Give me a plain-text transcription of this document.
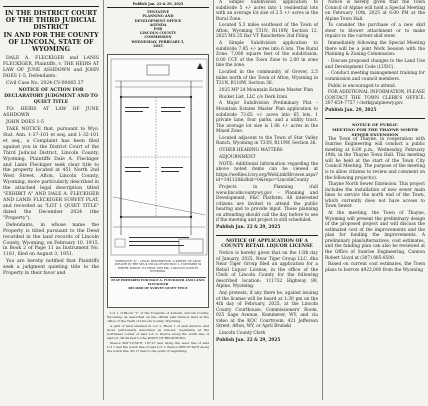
IN THE DISTRICT COURT
OF THE THIRD JUDICIAL
DISTRICT
IN AND FOR THE COUNTY
OF LINCOLN, STATE OF
WYOMING

DALE A. FLECKIGER and LANIS FLECKIGER, Plaintiffs, v. THE HEIRS AT LAW OF JUNE ASHDOWN and JOHN DOES 1-5, Defendants.

Civil Case No. 2024-CV-00065 37

NOTICE OF ACTION FOR DECLARATORY JUDGMENT AND TO QUIET TITLE

TO: HEIRS AT LAW OF JUNE ASHDOWN

JOHN DOES 1-5

TAKE NOTICE that, pursuant to Wyo. Stat. Ann. 1-37-101 et seq. and 1-32-101 et seq., a Complaint has been filed against you in the District Court of the Third Judicial District, Lincoln County, Wyoming. Plaintiffs Dale A. Fleckiger and Lanis Fleckiger seek clear title to the property located at 451 North 2nd West Street, Afton, Lincoln County, Wyoming, more particularly described in the attached legal description titled "EXHIBIT A" AND DALE A. FLECKIGER AND LANIS FLECKIGER SURVEY PLAT, and recorded as "LOT 1 QUIET TITLE" dated the December 2024 (the "Property").

Defendants, in whose name the Property is titled pursuant to the Deed recorded in the land records of Lincoln County, Wyoming, on February 10, 1915, in Book 2 of Page 11 as Instrument No. 1181, filed on August 3, 1951.

You are hereby notified that Plaintiffs seek a judgment quieting title to the Property in their favor and

Publish Jan. 22 & 29, 2025
TENTATIVE
PLANNING AND
DEVELOPMENT OFFICE
AGENDA
FOR
LINCOLN COUNTY
COMMISSION
WEDNESDAY, FEBRUARY 5,
2025
SCHEDULE "A" -- LEGAL DESCRIPTION. A PARCEL OF LAND SITUATE IN THE SE1/4 NW1/4 OF SECTION 1, TOWNSHIP 32 NORTH, RANGE 119 WEST, 6TH P.M., LINCOLN COUNTY, WYOMING.
PLAT PREPARED FOR DALE A. FLECKIGER AND LANIS FLECKIGER
RECORD OF SURVEY QUIET TITLE

Lot 1 of Block "1" of the Townsite of Auburn, Lincoln County, Wyoming, as described on the official plat thereof, filed in the office of the Clerk of Lincoln County, Wyoming.

A part of land situated in Lot 1, Block 1 of said Auburn, and more particularly described as follows: beginning at the northwest corner of said Lot 1; thence along the north line of said lot, 90.00 feet to the POINT OF BEGINNING;

thence S00°10'34"E, 187.27 feet along the west line of said Lot 1 and the south line of said Lot 1; thence N89°47'49"E along the south line, 85.17 feet to the point of beginning;

A Simple Subdivision application to subdivide 5 +/- acres into 1 residential lots with an average lot size of 2.5 +/- acres in the Rural Zone.

Located 5.3 miles southeast of the Town of Afton, Wyoming T31N, R118W, Section 12, 2025 MS 25 Bar VT Ranchettes 2nd Filing

A Simple Subdivision application to subdivide 7.85 +/- acres into 6 lots. The Rural Zone. 7,000 square feet of the subdivision; 0.00 CCF of the Town Zone to 2.00 in zone line the zone.

Located in the community of Grover, 2.5 miles north of the Town of Afton, Wyoming in T31N, R118W, Section 36.

2025 MP 24 Mountain Estates Master Plan

Bucket List, LLC c/o Derk Irani

A Major Subdivision Preliminary Plat – Mountain Estates Master Plan application to subdivide 73.65 +/- acres into 65 lots, 1 private lane, four parks, and a utility tract. The average lot size is 1.06 +/- acres in the Mixed Zone.

Located adjacent to the Town of Star Valley Ranch, Wyoming in T33N, R119W, Section 36.

OTHER HEARING MATTERS

ADJOURNMENT

NOTE: Additional information regarding the above noted items can be viewed at https://wefiles.lcwy.org/WebLink/Browse.aspx?id=141128&dbid=0&repo=LincolnCounty

Projects in Planning (full www.lincolncountywy.gov – Planning and Development, P&C Platform. All interested citizens are invited to attend the public hearing and to provide input. Those planning on attending should call the day before to see if the meeting and project is still scheduled.

Publish Jan. 22 & 29, 2025

NOTICE OF APPLICATION OF A COUNTY RETAIL LIQUOR LICENSE

Notice is hereby given that on the 13th day of January, 2025, Near Tiger Group LLC. dba Near Tiger Group filed an application for a Retail Liquor License, in the office of the Clerk of Lincoln County for the following described location: 111732 Highway 89, Alpine, Wyoming.

Any protests, if any there be, against issuing of the license will be heard at 1:30 pm on the 4th day of February, 2025, at the Lincoln County Courthouse, Commissioners' Room, 925 Sage Avenue, Kemmerer, WY, and via video at the KOC Courtroom, 421 Jefferson Street, Afton, WY, or April Brunski

Lincoln County Clerk

Publish Jan. 22 & 29, 2025

Notice is hereby given that the Town Council of Alpine will hold a Special Meeting on February 10th, 2025 at 6:00 PM at the Alpine Town Hall.

To consider the purchase of a new skid steer to blower attachment or to make repairs to the current skid steer.

Immediately following the Special Meeting there will be a joint Work Session with the Planning & Zoning Commission:

- Discuss proposed changes to the Land Use and Development Code (LUDC).

- Conduct meeting management training for commission and council members.

Public is encouraged to attend.

FOR ADDITIONAL INFORMATION, PLEASE CONTACT THE TOWN CLERK'S OFFICE: 307-654-7757 / clerk@alpinewy.gov.

Publish Jan. 29, 2025

NOTICE OF PUBLIC
MEETING FOR THE THAYNE NORTH
SEWER EXTENSION

The Town of Thayne, in cooperation with Sunrise Engineering will conduct a public meeting at 6:00 p.m., Wednesday, February 19th, in the Thayne Town Hall. This meeting will be held at the start of the Town City Council Meeting. The purpose of the meeting is to allow citizens to review and comment on the following project(s).

Thayne North Sewer Extension. This project includes the installation of new sewer main lines to service the north end of the Town, which currently does not have access to Town Sewer.

At the meeting, the Town of Thayne, Wyoming will present the preliminary design of the proposed project and will discuss the estimated cost of the improvements and the plan for funding the improvements. A preliminary plan/alternatives, cost estimates, and the funding plan can also be reviewed at the Office of Sunrise Engineering, Cannon Robert Lloyd at (307) 885-8500.

Based on current cost estimates, the Town plans to borrow $923,000 from the Wyoming
